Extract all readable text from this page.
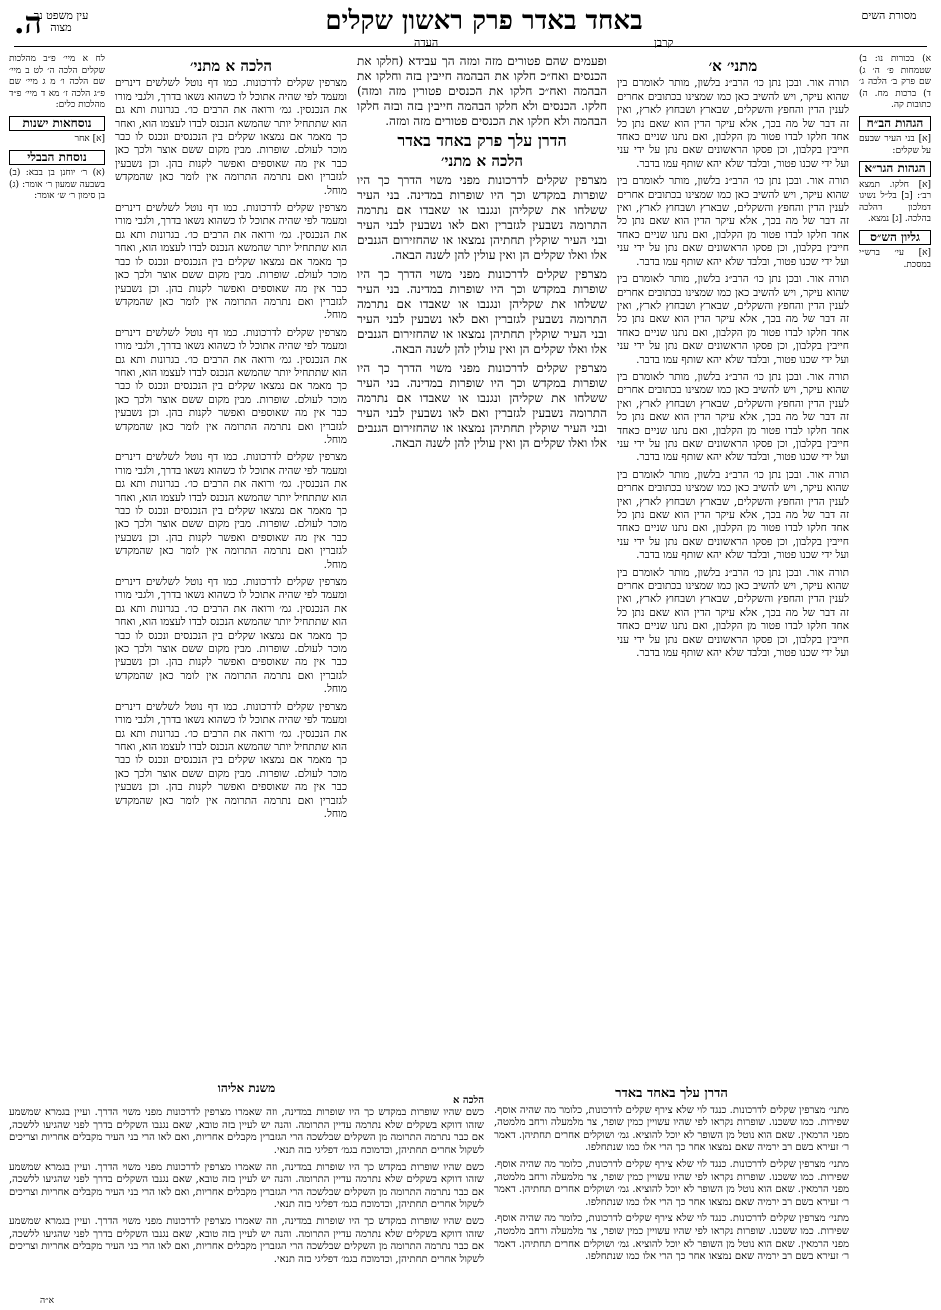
מסורת השים
באחד באדר פרק ראשון שקלים
קרבן
העדה
ה.
עין משפט נר מצוה

א) בכורות נו: ב) שטמחות פ׳ ה׳ ג) שם פרק ב׳ הלכה ג׳ ד) ברכות מח. ה) כתובות קה.

הגהות הב״ח

[א] בני העיר שבעם על שקלים:

הגהות הגר״א

[א] חלקו. תמצא רב׳: [ב] בל״ל נשיגו דמלכון דהלכה בהלכה. [ג] נמצא.

גליון הש״ס

[א] עי׳ ברש״י במסכת.

מתני׳ א׳

תורה אור. ובכן נתן כו׳ הרב״נ בלשון, מותר לאומרם בין שהוא עיקר, ויש להשיב כאן כמו שמצינו בכתובים אחרים לענין הדין והחפץ והשקלים, שבארץ ושבחוץ לארץ, ואין זה דבר של מה בכך, אלא עיקר הדין הוא שאם נתן כל אחד חלקו לבדו פטור מן הקלבון, ואם נתנו שניים כאחד חייבין בקלבון, וכן פסקו הראשונים שאם נתן על ידי עני ועל ידי שכנו פטור, ובלבד שלא יהא שותף עמו בדבר.

תורה אור. ובכן נתן כו׳ הרב״נ בלשון, מותר לאומרם בין שהוא עיקר, ויש להשיב כאן כמו שמצינו בכתובים אחרים לענין הדין והחפץ והשקלים, שבארץ ושבחוץ לארץ, ואין זה דבר של מה בכך, אלא עיקר הדין הוא שאם נתן כל אחד חלקו לבדו פטור מן הקלבון, ואם נתנו שניים כאחד חייבין בקלבון, וכן פסקו הראשונים שאם נתן על ידי עני ועל ידי שכנו פטור, ובלבד שלא יהא שותף עמו בדבר.

תורה אור. ובכן נתן כו׳ הרב״נ בלשון, מותר לאומרם בין שהוא עיקר, ויש להשיב כאן כמו שמצינו בכתובים אחרים לענין הדין והחפץ והשקלים, שבארץ ושבחוץ לארץ, ואין זה דבר של מה בכך, אלא עיקר הדין הוא שאם נתן כל אחד חלקו לבדו פטור מן הקלבון, ואם נתנו שניים כאחד חייבין בקלבון, וכן פסקו הראשונים שאם נתן על ידי עני ועל ידי שכנו פטור, ובלבד שלא יהא שותף עמו בדבר.

תורה אור. ובכן נתן כו׳ הרב״נ בלשון, מותר לאומרם בין שהוא עיקר, ויש להשיב כאן כמו שמצינו בכתובים אחרים לענין הדין והחפץ והשקלים, שבארץ ושבחוץ לארץ, ואין זה דבר של מה בכך, אלא עיקר הדין הוא שאם נתן כל אחד חלקו לבדו פטור מן הקלבון, ואם נתנו שניים כאחד חייבין בקלבון, וכן פסקו הראשונים שאם נתן על ידי עני ועל ידי שכנו פטור, ובלבד שלא יהא שותף עמו בדבר.

תורה אור. ובכן נתן כו׳ הרב״נ בלשון, מותר לאומרם בין שהוא עיקר, ויש להשיב כאן כמו שמצינו בכתובים אחרים לענין הדין והחפץ והשקלים, שבארץ ושבחוץ לארץ, ואין זה דבר של מה בכך, אלא עיקר הדין הוא שאם נתן כל אחד חלקו לבדו פטור מן הקלבון, ואם נתנו שניים כאחד חייבין בקלבון, וכן פסקו הראשונים שאם נתן על ידי עני ועל ידי שכנו פטור, ובלבד שלא יהא שותף עמו בדבר.

תורה אור. ובכן נתן כו׳ הרב״נ בלשון, מותר לאומרם בין שהוא עיקר, ויש להשיב כאן כמו שמצינו בכתובים אחרים לענין הדין והחפץ והשקלים, שבארץ ושבחוץ לארץ, ואין זה דבר של מה בכך, אלא עיקר הדין הוא שאם נתן כל אחד חלקו לבדו פטור מן הקלבון, ואם נתנו שניים כאחד חייבין בקלבון, וכן פסקו הראשונים שאם נתן על ידי עני ועל ידי שכנו פטור, ובלבד שלא יהא שותף עמו בדבר.

ופעמים שהם פטורים מזה ומזה הך עבידא (חלקו את הכנסים ואח״כ חלקו את הבהמה חייבין בזה וחלקו את הבהמה ואח״כ חלקו את הכנסים פטורין מזה ומזה) חלקו. הכנסים ולא חלקו הבהמה חייבין בזה ובזה חלקו הבהמה ולא חלקו את הכנסים פטורים מזה ומזה.

הדרן עלך פרק באחד באדר
הלכה א מתני׳

מצרפין שקלים לדרכונות מפני משוי הדרך כך היו שופרות במקדש וכך היו שופרות במדינה. בני העיר ששלחו את שקליהן ונגנבו או שאבדו אם נתרמה התרומה נשבעין לגזברין ואם לאו נשבעין לבני העיר ובני העיר שוקלין תחתיהן נמצאו או שהחזירום הגנבים אלו ואלו שקלים הן ואין עולין להן לשנה הבאה.

מצרפין שקלים לדרכונות מפני משוי הדרך כך היו שופרות במקדש וכך היו שופרות במדינה. בני העיר ששלחו את שקליהן ונגנבו או שאבדו אם נתרמה התרומה נשבעין לגזברין ואם לאו נשבעין לבני העיר ובני העיר שוקלין תחתיהן נמצאו או שהחזירום הגנבים אלו ואלו שקלים הן ואין עולין להן לשנה הבאה.

מצרפין שקלים לדרכונות מפני משוי הדרך כך היו שופרות במקדש וכך היו שופרות במדינה. בני העיר ששלחו את שקליהן ונגנבו או שאבדו אם נתרמה התרומה נשבעין לגזברין ואם לאו נשבעין לבני העיר ובני העיר שוקלין תחתיהן נמצאו או שהחזירום הגנבים אלו ואלו שקלים הן ואין עולין להן לשנה הבאה.

הלכה א מתני׳

מצרפין שקלים לדרכונות. כמו דף נוטל לשלשים דינרים ומעמד לפי שהיה אתוכל לו כשהוא נשאו בדרך, ולגבי מורו את הנכנסין. גמ׳ ורואה את הרבים כו׳. בגרונות ותא גם הוא שתתחיל יותר שהמשא הנכנס לבדו לעצמו הוא, ואחר כך מאמר אם נמצאו שקלים בין הנכנסים ונכנס לו כבר מוכר לעולם. שופרות. מבין מקום ששם אוצר ולכך כאן כבר אין מה שאוספים ואפשר לקנות בהן. וכן נשבעין לגזברין ואם נתרמה התרומה אין לומר כאן שהמקדש מוחל.

מצרפין שקלים לדרכונות. כמו דף נוטל לשלשים דינרים ומעמד לפי שהיה אתוכל לו כשהוא נשאו בדרך, ולגבי מורו את הנכנסין. גמ׳ ורואה את הרבים כו׳. בגרונות ותא גם הוא שתתחיל יותר שהמשא הנכנס לבדו לעצמו הוא, ואחר כך מאמר אם נמצאו שקלים בין הנכנסים ונכנס לו כבר מוכר לעולם. שופרות. מבין מקום ששם אוצר ולכך כאן כבר אין מה שאוספים ואפשר לקנות בהן. וכן נשבעין לגזברין ואם נתרמה התרומה אין לומר כאן שהמקדש מוחל.

מצרפין שקלים לדרכונות. כמו דף נוטל לשלשים דינרים ומעמד לפי שהיה אתוכל לו כשהוא נשאו בדרך, ולגבי מורו את הנכנסין. גמ׳ ורואה את הרבים כו׳. בגרונות ותא גם הוא שתתחיל יותר שהמשא הנכנס לבדו לעצמו הוא, ואחר כך מאמר אם נמצאו שקלים בין הנכנסים ונכנס לו כבר מוכר לעולם. שופרות. מבין מקום ששם אוצר ולכך כאן כבר אין מה שאוספים ואפשר לקנות בהן. וכן נשבעין לגזברין ואם נתרמה התרומה אין לומר כאן שהמקדש מוחל.

מצרפין שקלים לדרכונות. כמו דף נוטל לשלשים דינרים ומעמד לפי שהיה אתוכל לו כשהוא נשאו בדרך, ולגבי מורו את הנכנסין. גמ׳ ורואה את הרבים כו׳. בגרונות ותא גם הוא שתתחיל יותר שהמשא הנכנס לבדו לעצמו הוא, ואחר כך מאמר אם נמצאו שקלים בין הנכנסים ונכנס לו כבר מוכר לעולם. שופרות. מבין מקום ששם אוצר ולכך כאן כבר אין מה שאוספים ואפשר לקנות בהן. וכן נשבעין לגזברין ואם נתרמה התרומה אין לומר כאן שהמקדש מוחל.

מצרפין שקלים לדרכונות. כמו דף נוטל לשלשים דינרים ומעמד לפי שהיה אתוכל לו כשהוא נשאו בדרך, ולגבי מורו את הנכנסין. גמ׳ ורואה את הרבים כו׳. בגרונות ותא גם הוא שתתחיל יותר שהמשא הנכנס לבדו לעצמו הוא, ואחר כך מאמר אם נמצאו שקלים בין הנכנסים ונכנס לו כבר מוכר לעולם. שופרות. מבין מקום ששם אוצר ולכך כאן כבר אין מה שאוספים ואפשר לקנות בהן. וכן נשבעין לגזברין ואם נתרמה התרומה אין לומר כאן שהמקדש מוחל.

מצרפין שקלים לדרכונות. כמו דף נוטל לשלשים דינרים ומעמד לפי שהיה אתוכל לו כשהוא נשאו בדרך, ולגבי מורו את הנכנסין. גמ׳ ורואה את הרבים כו׳. בגרונות ותא גם הוא שתתחיל יותר שהמשא הנכנס לבדו לעצמו הוא, ואחר כך מאמר אם נמצאו שקלים בין הנכנסים ונכנס לו כבר מוכר לעולם. שופרות. מבין מקום ששם אוצר ולכך כאן כבר אין מה שאוספים ואפשר לקנות בהן. וכן נשבעין לגזברין ואם נתרמה התרומה אין לומר כאן שהמקדש מוחל.

לח א מיי׳ פ״ב מהלכות שקלים הלכה ה׳ לט ב מיי׳ שם הלכה ו׳ מ ג מיי׳ שם פ״ג הלכה ז׳ מא ד מיי׳ פ״ד מהלכות כלים:

נוסחאות ישנות

[א] אחר

נוסחת הבבלי

(א) ר׳ יוחנן בן בבא: (ב) בשבעה שמעון ר׳ אומר: (ג) בן סימון ר׳ ש׳ אומר:

הדרן עלך באחד באדר

מתני׳ מצרפין שקלים לדרכונות. כנגד לוי שלא צירף שקלים לדרכונות, כלומר מה שהיה אוסף. שפירות. כמו ששכנו. שופרות נקראו לפי שהיו עשויין כמין שופר, צר מלמעלה ורחב מלמטה, מפני הרמאין. שאם הוא נוטל מן השופר לא יוכל להוציא. גמ׳ ושוקלים אחרים תחתיהן. דאמר ר׳ זעירא בשם רב ירמיה שאם נמצאו אחר כך הרי אלו כמו שנתחלפו.

מתני׳ מצרפין שקלים לדרכונות. כנגד לוי שלא צירף שקלים לדרכונות, כלומר מה שהיה אוסף. שפירות. כמו ששכנו. שופרות נקראו לפי שהיו עשויין כמין שופר, צר מלמעלה ורחב מלמטה, מפני הרמאין. שאם הוא נוטל מן השופר לא יוכל להוציא. גמ׳ ושוקלים אחרים תחתיהן. דאמר ר׳ זעירא בשם רב ירמיה שאם נמצאו אחר כך הרי אלו כמו שנתחלפו.

מתני׳ מצרפין שקלים לדרכונות. כנגד לוי שלא צירף שקלים לדרכונות, כלומר מה שהיה אוסף. שפירות. כמו ששכנו. שופרות נקראו לפי שהיו עשויין כמין שופר, צר מלמעלה ורחב מלמטה, מפני הרמאין. שאם הוא נוטל מן השופר לא יוכל להוציא. גמ׳ ושוקלים אחרים תחתיהן. דאמר ר׳ זעירא בשם רב ירמיה שאם נמצאו אחר כך הרי אלו כמו שנתחלפו.

משנת אליהו
הלכה א

כשם שהיו שופרות במקדש כך היו שופרות במדינה, וזה שאמרו מצרפין לדרכונות מפני משוי הדרך. ועיין בגמרא שמשמע שזהו דווקא בשקלים שלא נתרמה עדיין התרומה. והנה יש לעיין בזה טובא, שאם נגנבו השקלים בדרך לפני שהגיעו ללשכה, אם כבר נתרמה התרומה מן השקלים שבלשכה הרי הגזברין מקבלים אחריות, ואם לאו הרי בני העיר מקבלים אחריות וצריכים לשקול אחרים תחתיהן, וכדמוכח בגמ׳ דפליגי בזה תנאי.

כשם שהיו שופרות במקדש כך היו שופרות במדינה, וזה שאמרו מצרפין לדרכונות מפני משוי הדרך. ועיין בגמרא שמשמע שזהו דווקא בשקלים שלא נתרמה עדיין התרומה. והנה יש לעיין בזה טובא, שאם נגנבו השקלים בדרך לפני שהגיעו ללשכה, אם כבר נתרמה התרומה מן השקלים שבלשכה הרי הגזברין מקבלים אחריות, ואם לאו הרי בני העיר מקבלים אחריות וצריכים לשקול אחרים תחתיהן, וכדמוכח בגמ׳ דפליגי בזה תנאי.

כשם שהיו שופרות במקדש כך היו שופרות במדינה, וזה שאמרו מצרפין לדרכונות מפני משוי הדרך. ועיין בגמרא שמשמע שזהו דווקא בשקלים שלא נתרמה עדיין התרומה. והנה יש לעיין בזה טובא, שאם נגנבו השקלים בדרך לפני שהגיעו ללשכה, אם כבר נתרמה התרומה מן השקלים שבלשכה הרי הגזברין מקבלים אחריות, ואם לאו הרי בני העיר מקבלים אחריות וצריכים לשקול אחרים תחתיהן, וכדמוכח בגמ׳ דפליגי בזה תנאי.

א״ה
